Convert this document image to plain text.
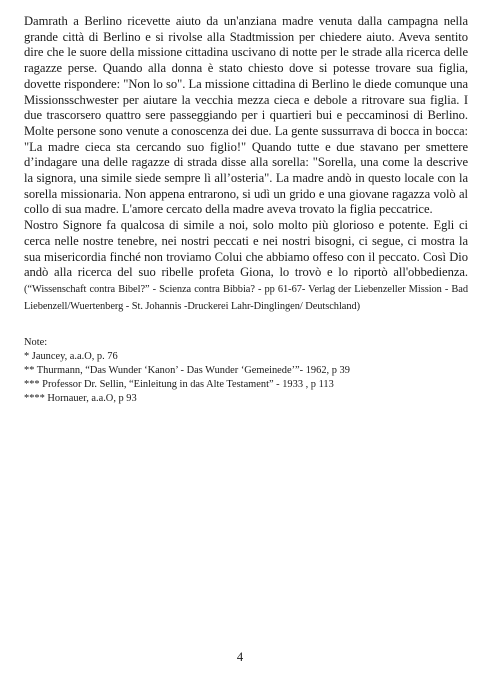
Damrath a Berlino ricevette aiuto da un'anziana madre venuta dalla campagna nella grande città di Berlino e si rivolse alla Stadtmission per chiedere aiuto. Aveva sentito dire che le suore della missione cittadina uscivano di notte per le strade alla ricerca delle ragazze perse. Quando alla donna è stato chiesto dove si potesse trovare sua figlia, dovette rispondere: "Non lo so". La missione cittadina di Berlino le diede comunque una Missionsschwester per aiutare la vecchia mezza cieca e debole a ritrovare sua figlia. I due trascorsero quattro sere passeggiando per i quartieri bui e peccaminosi di Berlino. Molte persone sono venute a conoscenza dei due. La gente sussurrava di bocca in bocca: "La madre cieca sta cercando suo figlio!" Quando tutte e due stavano per smettere d’indagare una delle ragazze di strada disse alla sorella: "Sorella, una come la descrive la signora, una simile siede sempre lì all’osteria". La madre andò in questo locale con la sorella missionaria. Non appena entrarono, si udì un grido e una giovane ragazza volò al collo di sua madre. L'amore cercato della madre aveva trovato la figlia peccatrice.

Nostro Signore fa qualcosa di simile a noi, solo molto più glorioso e potente. Egli ci cerca nelle nostre tenebre, nei nostri peccati e nei nostri bisogni, ci segue, ci mostra la sua misericordia finché non troviamo Colui che abbiamo offeso con il peccato. Così Dio andò alla ricerca del suo ribelle profeta Giona, lo trovò e lo riportò all'obbedienza. (“Wissenschaft contra Bibel?” - Scienza contra Bibbia? - pp 61-67- Verlag der Liebenzeller Mission - Bad Liebenzell/Wuertenberg - St. Johannis -Druckerei Lahr-Dinglingen/ Deutschland)

Note:

* Jauncey, a.a.O, p. 76

** Thurmann, “Das Wunder ‘Kanon’ - Das Wunder ‘Gemeinede’”- 1962, p 39

*** Professor Dr. Sellin, “Einleitung in das Alte Testament” - 1933 , p 113

**** Hornauer, a.a.O, p 93

4
